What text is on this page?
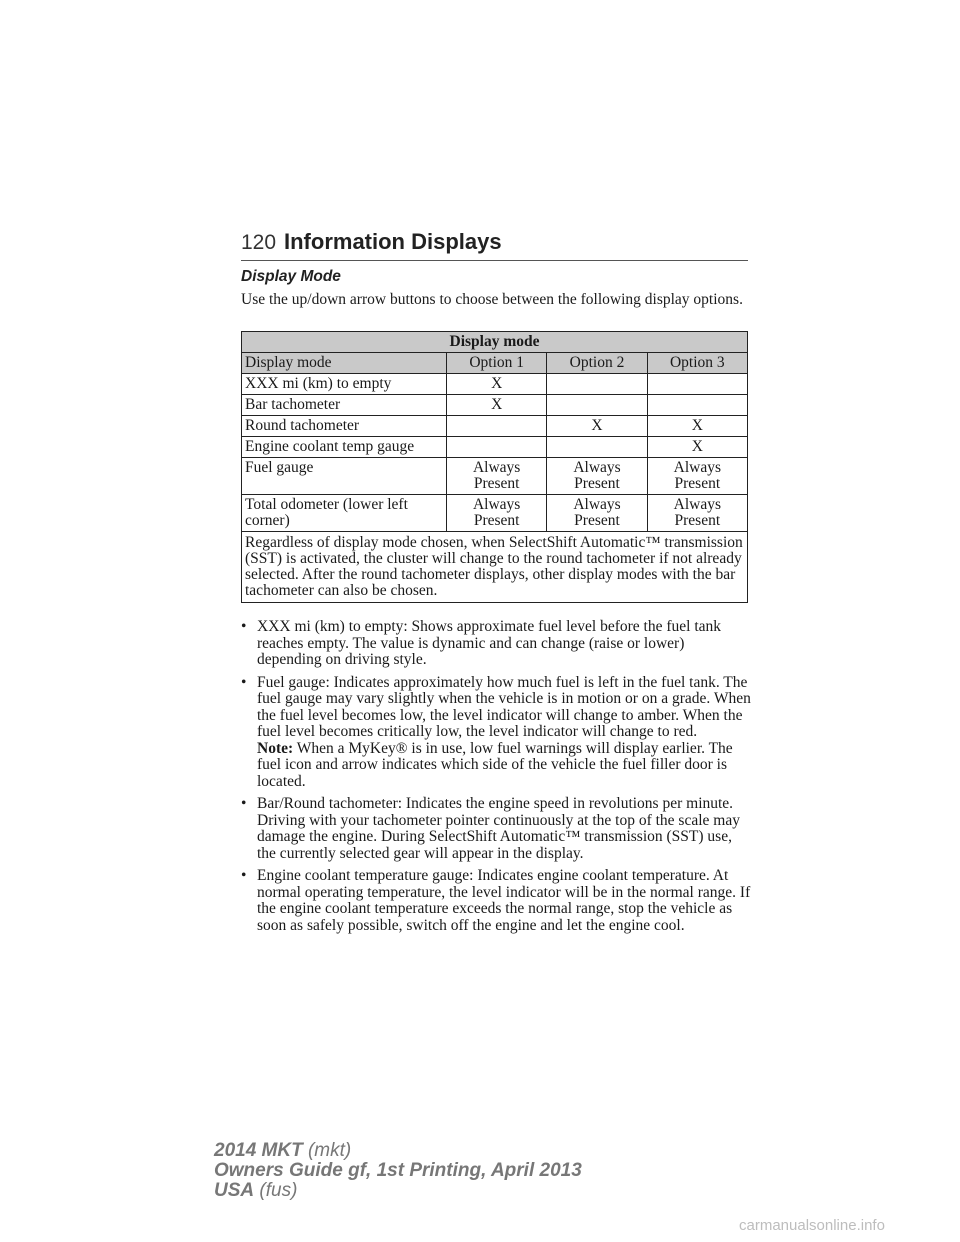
120 Information Displays
Display Mode
Use the up/down arrow buttons to choose between the following display options.
Display mode			
Display mode	Option 1	Option 2	Option 3
XXX mi (km) to empty	X		
Bar tachometer	X		
Round tachometer		X	X
Engine coolant temp gauge			X
Fuel gauge	Always Present	Always Present	Always Present
Total odometer (lower left corner)	Always Present	Always Present	Always Present
Regardless of display mode chosen, when SelectShift Automatic™ transmission (SST) is activated, the cluster will change to the round tachometer if not already selected. After the round tachometer displays, other display modes with the bar tachometer can also be chosen.			
• XXX mi (km) to empty: Shows approximate fuel level before the fuel tank reaches empty. The value is dynamic and can change (raise or lower) depending on driving style.
• Fuel gauge: Indicates approximately how much fuel is left in the fuel tank. The fuel gauge may vary slightly when the vehicle is in motion or on a grade. When the fuel level becomes low, the level indicator will change to amber. When the fuel level becomes critically low, the level indicator will change to red.
Note: When a MyKey® is in use, low fuel warnings will display earlier. The fuel icon and arrow indicates which side of the vehicle the fuel filler door is located.
• Bar/Round tachometer: Indicates the engine speed in revolutions per minute. Driving with your tachometer pointer continuously at the top of the scale may damage the engine. During SelectShift Automatic™ transmission (SST) use, the currently selected gear will appear in the display.
• Engine coolant temperature gauge: Indicates engine coolant temperature. At normal operating temperature, the level indicator will be in the normal range. If the engine coolant temperature exceeds the normal range, stop the vehicle as soon as safely possible, switch off the engine and let the engine cool.
2014 MKT (mkt)
Owners Guide gf, 1st Printing, April 2013
USA (fus)
carmanualsonline.info
